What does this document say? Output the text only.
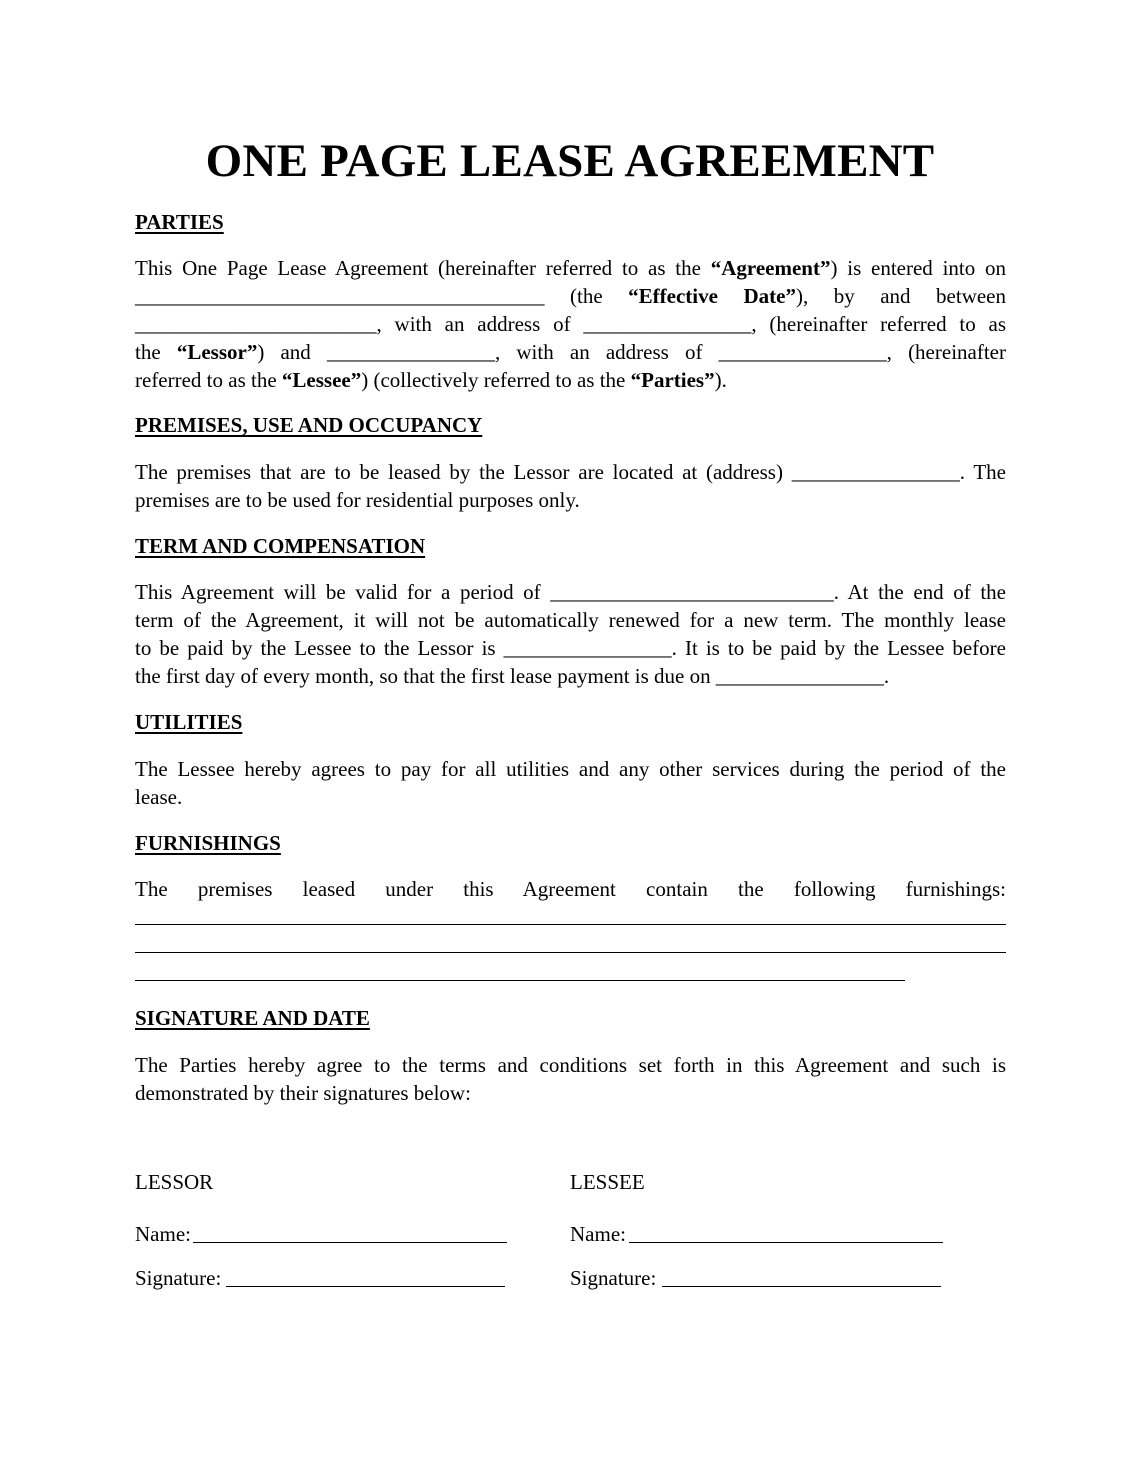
ONE PAGE LEASE AGREEMENT
PARTIES
This One Page Lease Agreement (hereinafter referred to as the “Agreement”) is entered into on
_______________________________________ (the “Effective Date”), by and between
_______________________, with an address of ________________, (hereinafter referred to as
the “Lessor”) and ________________, with an address of ________________, (hereinafter
referred to as the “Lessee”) (collectively referred to as the “Parties”).
PREMISES, USE AND OCCUPANCY
The premises that are to be leased by the Lessor are located at (address) ________________. The
premises are to be used for residential purposes only.
TERM AND COMPENSATION
This Agreement will be valid for a period of ___________________________. At the end of the
term of the Agreement, it will not be automatically renewed for a new term. The monthly lease
to be paid by the Lessee to the Lessor is ________________. It is to be paid by the Lessee before
the first day of every month, so that the first lease payment is due on ________________.
UTILITIES
The Lessee hereby agrees to pay for all utilities and any other services during the period of the
lease.
FURNISHINGS
The premises leased under this Agreement contain the following furnishings:
SIGNATURE AND DATE
The Parties hereby agree to the terms and conditions set forth in this Agreement and such is
demonstrated by their signatures below:
LESSOR	LESSEE
Name:	Name:
Signature:	Signature:
